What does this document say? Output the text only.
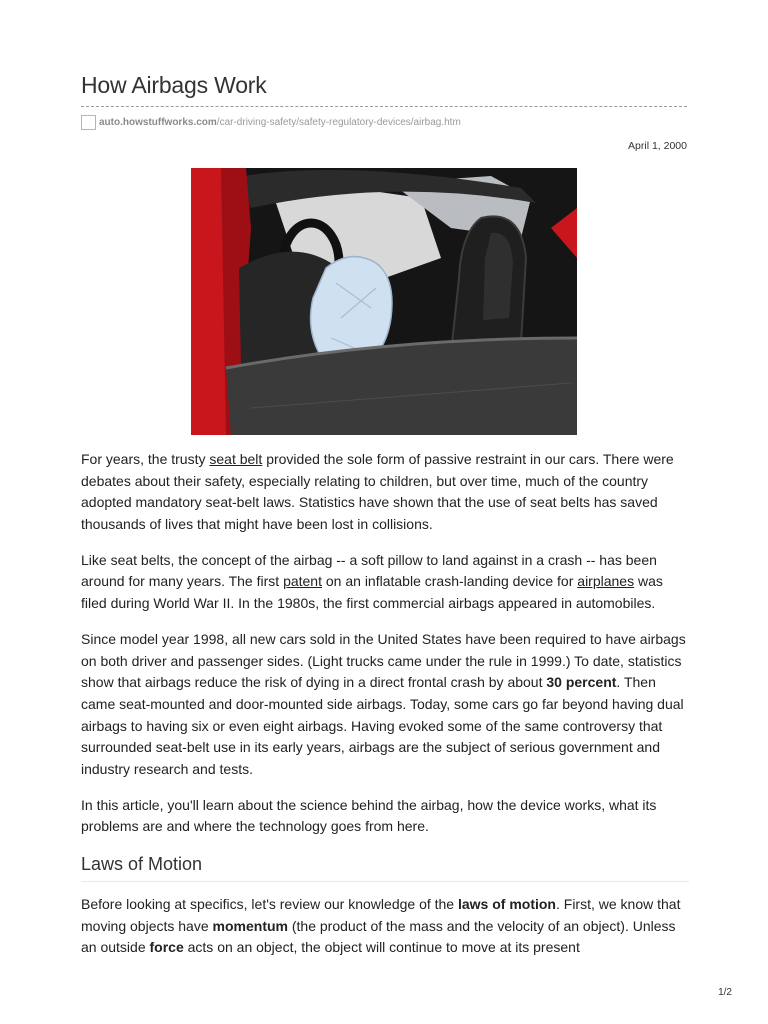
How Airbags Work
auto.howstuffworks.com /car-driving-safety/safety-regulatory-devices/airbag.htm
April 1, 2000

For years, the trusty seat belt provided the sole form of passive restraint in our cars. There were debates about their safety, especially relating to children, but over time, much of the country adopted mandatory seat-belt laws. Statistics have shown that the use of seat belts has saved thousands of lives that might have been lost in collisions.

Like seat belts, the concept of the airbag -- a soft pillow to land against in a crash -- has been around for many years. The first patent on an inflatable crash-landing device for airplanes was filed during World War II. In the 1980s, the first commercial airbags appeared in automobiles.

Since model year 1998, all new cars sold in the United States have been required to have airbags on both driver and passenger sides. (Light trucks came under the rule in 1999.) To date, statistics show that airbags reduce the risk of dying in a direct frontal crash by about 30 percent. Then came seat-mounted and door-mounted side airbags. Today, some cars go far beyond having dual airbags to having six or even eight airbags. Having evoked some of the same controversy that surrounded seat-belt use in its early years, airbags are the subject of serious government and industry research and tests.

In this article, you'll learn about the science behind the airbag, how the device works, what its problems are and where the technology goes from here.

Laws of Motion

Before looking at specifics, let's review our knowledge of the laws of motion. First, we know that moving objects have momentum (the product of the mass and the velocity of an object). Unless an outside force acts on an object, the object will continue to move at its present

1/2
